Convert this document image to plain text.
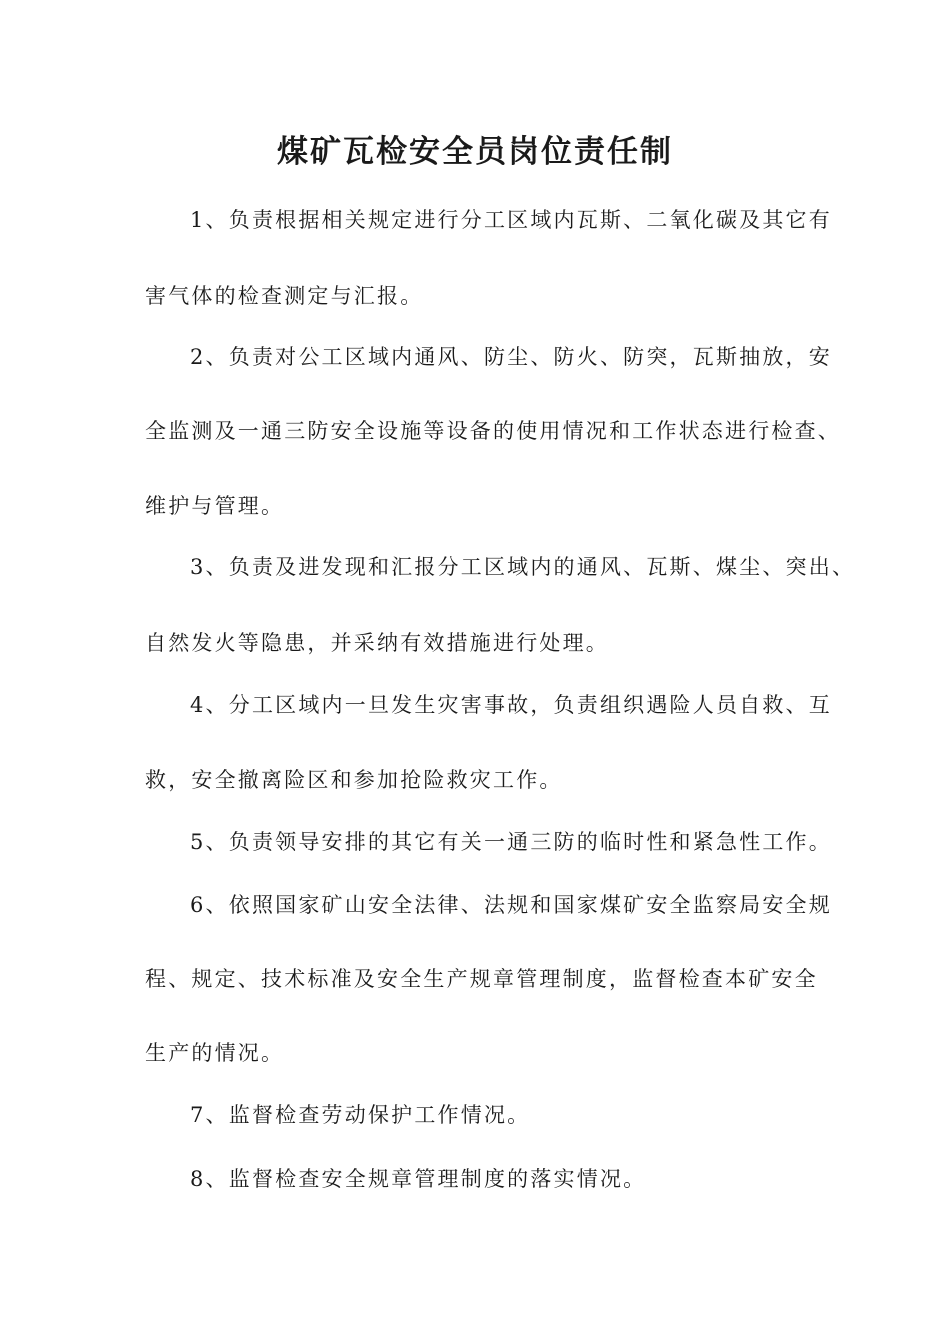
煤矿瓦检安全员岗位责任制
1、负责根据相关规定进行分工区域内瓦斯、二氧化碳及其它有
害气体的检查测定与汇报。
2、负责对公工区域内通风、防尘、防火、防突，瓦斯抽放，安
全监测及一通三防安全设施等设备的使用情况和工作状态进行检查、
维护与管理。
3、负责及进发现和汇报分工区域内的通风、瓦斯、煤尘、突出、
自然发火等隐患，并采纳有效措施进行处理。
4、分工区域内一旦发生灾害事故，负责组织遇险人员自救、互
救，安全撤离险区和参加抢险救灾工作。
5、负责领导安排的其它有关一通三防的临时性和紧急性工作。
6、依照国家矿山安全法律、法规和国家煤矿安全监察局安全规
程、规定、技术标准及安全生产规章管理制度，监督检查本矿安全
生产的情况。
7、监督检查劳动保护工作情况。
8、监督检查安全规章管理制度的落实情况。
